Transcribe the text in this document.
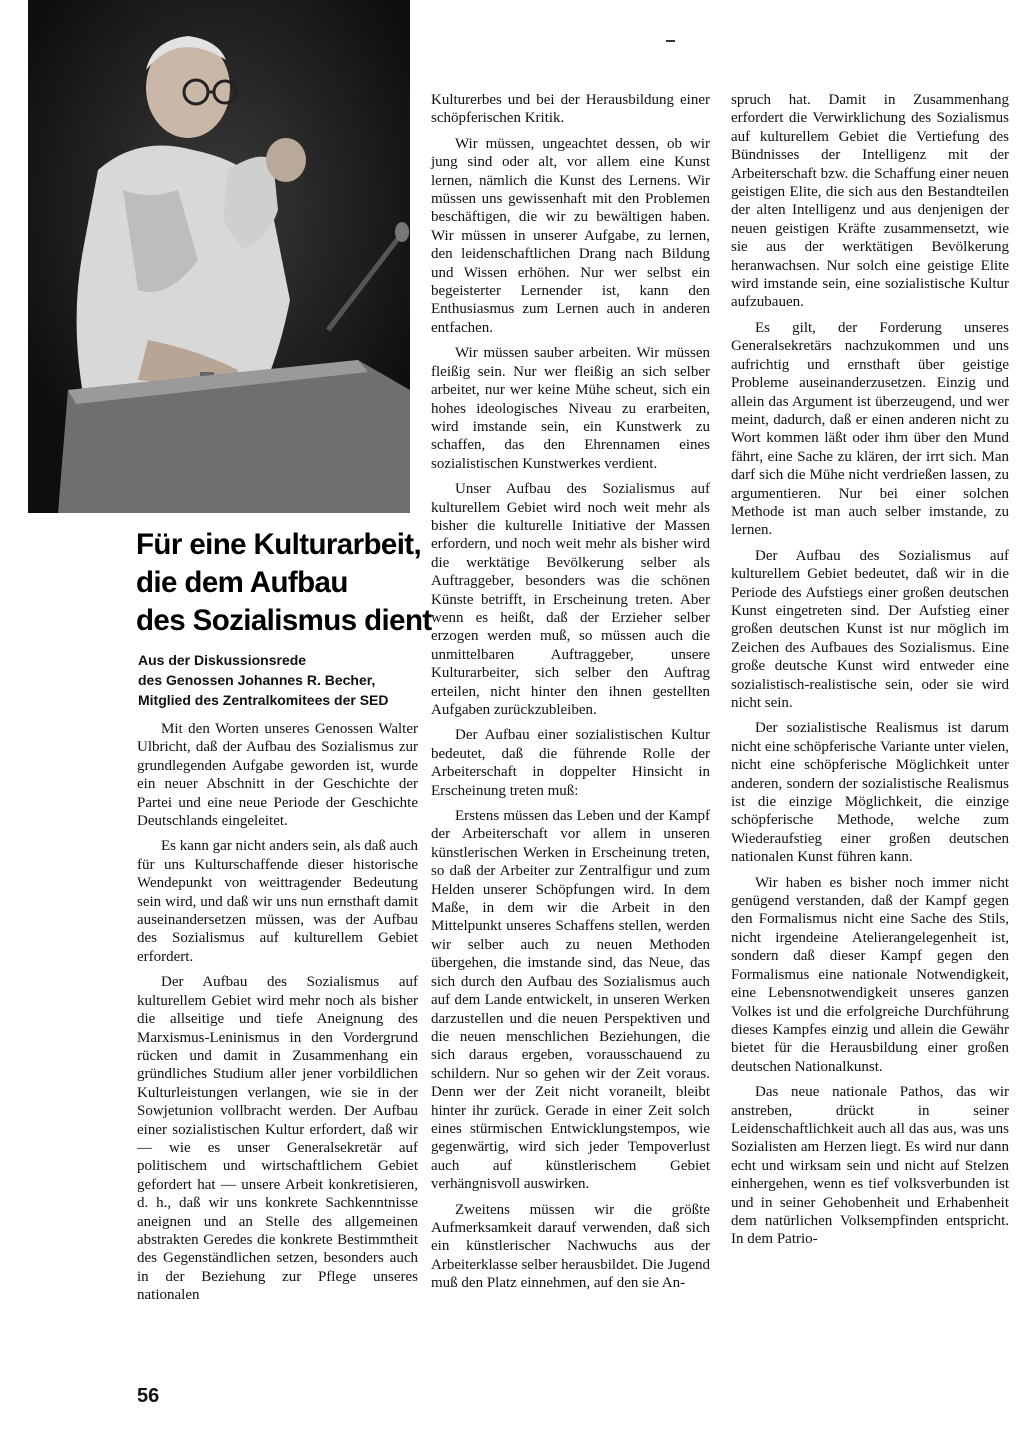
Für eine Kulturarbeit,
die dem Aufbau
des Sozialismus dient
Aus der Diskussionsrede
des Genossen Johannes R. Becher,
Mitglied des Zentralkomitees der SED

Mit den Worten unseres Genossen Walter Ulbricht, daß der Aufbau des Sozialismus zur grundlegenden Aufgabe geworden ist, wurde ein neuer Abschnitt in der Geschichte der Partei und eine neue Periode der Geschichte Deutschlands eingeleitet.

Es kann gar nicht anders sein, als daß auch für uns Kulturschaffende dieser historische Wendepunkt von weittragender Bedeutung sein wird, und daß wir uns nun ernsthaft damit auseinandersetzen müssen, was der Aufbau des Sozialismus auf kulturellem Gebiet erfordert.

Der Aufbau des Sozialismus auf kulturellem Gebiet wird mehr noch als bisher die allseitige und tiefe Aneignung des Marxismus-Leninismus in den Vordergrund rücken und damit in Zusammenhang ein gründliches Studium aller jener vorbildlichen Kulturleistungen verlangen, wie sie in der Sowjetunion vollbracht werden. Der Aufbau einer sozialistischen Kultur erfordert, daß wir — wie es unser Generalsekretär auf politischem und wirtschaftlichem Gebiet gefordert hat — unsere Arbeit konkretisieren, d. h., daß wir uns konkrete Sachkenntnisse aneignen und an Stelle des allgemeinen abstrakten Geredes die konkrete Bestimmtheit des Gegenständlichen setzen, besonders auch in der Beziehung zur Pflege unseres nationalen

Kulturerbes und bei der Herausbildung einer schöpferischen Kritik.

Wir müssen, ungeachtet dessen, ob wir jung sind oder alt, vor allem eine Kunst lernen, nämlich die Kunst des Lernens. Wir müssen uns gewissenhaft mit den Problemen beschäftigen, die wir zu bewältigen haben. Wir müssen in unserer Aufgabe, zu lernen, den leidenschaftlichen Drang nach Bildung und Wissen erhöhen. Nur wer selbst ein begeisterter Lernender ist, kann den Enthusiasmus zum Lernen auch in anderen entfachen.

Wir müssen sauber arbeiten. Wir müssen fleißig sein. Nur wer fleißig an sich selber arbeitet, nur wer keine Mühe scheut, sich ein hohes ideologisches Niveau zu erarbeiten, wird imstande sein, ein Kunstwerk zu schaffen, das den Ehrennamen eines sozialistischen Kunstwerkes verdient.

Unser Aufbau des Sozialismus auf kulturellem Gebiet wird noch weit mehr als bisher die kulturelle Initiative der Massen erfordern, und noch weit mehr als bisher wird die werktätige Bevölkerung selber als Auftraggeber, besonders was die schönen Künste betrifft, in Erscheinung treten. Aber wenn es heißt, daß der Erzieher selber erzogen werden muß, so müssen auch die unmittelbaren Auftraggeber, unsere Kulturarbeiter, sich selber den Auftrag erteilen, nicht hinter den ihnen gestellten Aufgaben zurückzubleiben.

Der Aufbau einer sozialistischen Kultur bedeutet, daß die führende Rolle der Arbeiterschaft in doppelter Hinsicht in Erscheinung treten muß:

Erstens müssen das Leben und der Kampf der Arbeiterschaft vor allem in unseren künstlerischen Werken in Erscheinung treten, so daß der Arbeiter zur Zentralfigur und zum Helden unserer Schöpfungen wird. In dem Maße, in dem wir die Arbeit in den Mittelpunkt unseres Schaffens stellen, werden wir selber auch zu neuen Methoden übergehen, die imstande sind, das Neue, das sich durch den Aufbau des Sozialismus auch auf dem Lande entwickelt, in unseren Werken darzustellen und die neuen Perspektiven und die neuen menschlichen Beziehungen, die sich daraus ergeben, vorausschauend zu schildern. Nur so gehen wir der Zeit voraus. Denn wer der Zeit nicht voraneilt, bleibt hinter ihr zurück. Gerade in einer Zeit solch eines stürmischen Entwicklungstempos, wie gegenwärtig, wird sich jeder Tempoverlust auch auf künstlerischem Gebiet verhängnisvoll auswirken.

Zweitens müssen wir die größte Aufmerksamkeit darauf verwenden, daß sich ein künstlerischer Nachwuchs aus der Arbeiterklasse selber herausbildet. Die Jugend muß den Platz einnehmen, auf den sie An-

spruch hat. Damit in Zusammenhang erfordert die Verwirklichung des Sozialismus auf kulturellem Gebiet die Vertiefung des Bündnisses der Intelligenz mit der Arbeiterschaft bzw. die Schaffung einer neuen geistigen Elite, die sich aus den Bestandteilen der alten Intelligenz und aus denjenigen der neuen geistigen Kräfte zusammensetzt, wie sie aus der werktätigen Bevölkerung heranwachsen. Nur solch eine geistige Elite wird imstande sein, eine sozialistische Kultur aufzubauen.

Es gilt, der Forderung unseres Generalsekretärs nachzukommen und uns aufrichtig und ernsthaft über geistige Probleme auseinanderzusetzen. Einzig und allein das Argument ist überzeugend, und wer meint, dadurch, daß er einen anderen nicht zu Wort kommen läßt oder ihm über den Mund fährt, eine Sache zu klären, der irrt sich. Man darf sich die Mühe nicht verdrießen lassen, zu argumentieren. Nur bei einer solchen Methode ist man auch selber imstande, zu lernen.

Der Aufbau des Sozialismus auf kulturellem Gebiet bedeutet, daß wir in die Periode des Aufstiegs einer großen deutschen Kunst eingetreten sind. Der Aufstieg einer großen deutschen Kunst ist nur möglich im Zeichen des Aufbaues des Sozialismus. Eine große deutsche Kunst wird entweder eine sozialistisch-realistische sein, oder sie wird nicht sein.

Der sozialistische Realismus ist darum nicht eine schöpferische Variante unter vielen, nicht eine schöpferische Möglichkeit unter anderen, sondern der sozialistische Realismus ist die einzige Möglichkeit, die einzige schöpferische Methode, welche zum Wiederaufstieg einer großen deutschen nationalen Kunst führen kann.

Wir haben es bisher noch immer nicht genügend verstanden, daß der Kampf gegen den Formalismus nicht eine Sache des Stils, nicht irgendeine Atelierangelegenheit ist, sondern daß dieser Kampf gegen den Formalismus eine nationale Notwendigkeit, eine Lebensnotwendigkeit unseres ganzen Volkes ist und die erfolgreiche Durchführung dieses Kampfes einzig und allein die Gewähr bietet für die Herausbildung einer großen deutschen Nationalkunst.

Das neue nationale Pathos, das wir anstreben, drückt in seiner Leidenschaftlichkeit auch all das aus, was uns Sozialisten am Herzen liegt. Es wird nur dann echt und wirksam sein und nicht auf Stelzen einhergehen, wenn es tief volksverbunden ist und in seiner Gehobenheit und Erhabenheit dem natürlichen Volksempfinden entspricht. In dem Patrio-

56
